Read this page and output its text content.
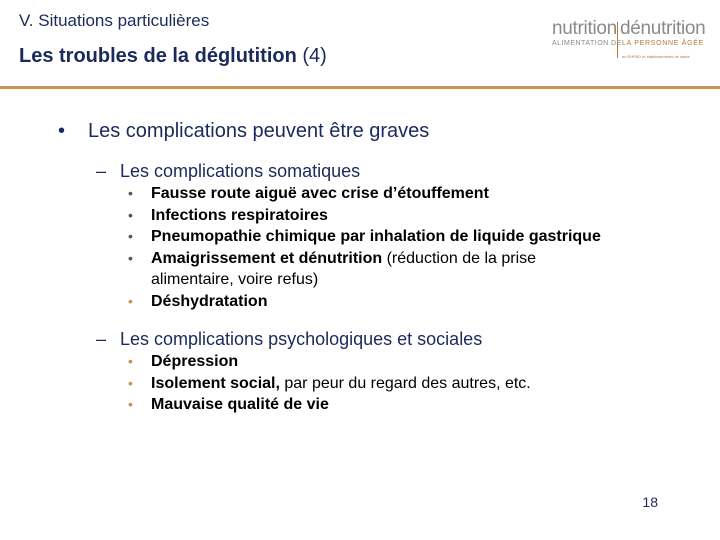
V. Situations particulières
Les troubles de la déglutition (4)
nutrition dénutrition
ALIMENTATION DE LA PERSONNE ÂGÉE
en EHPAD et établissements de santé
• Les complications peuvent être graves
– Les complications somatiques
• Fausse route aiguë avec crise d’étouffement
• Infections respiratoires
• Pneumopathie chimique par inhalation de liquide gastrique
• Amaigrissement et dénutrition (réduction de la prise alimentaire, voire refus)
• Déshydratation
– Les complications psychologiques et sociales
• Dépression
• Isolement social, par peur du regard des autres, etc.
• Mauvaise qualité de vie
18
